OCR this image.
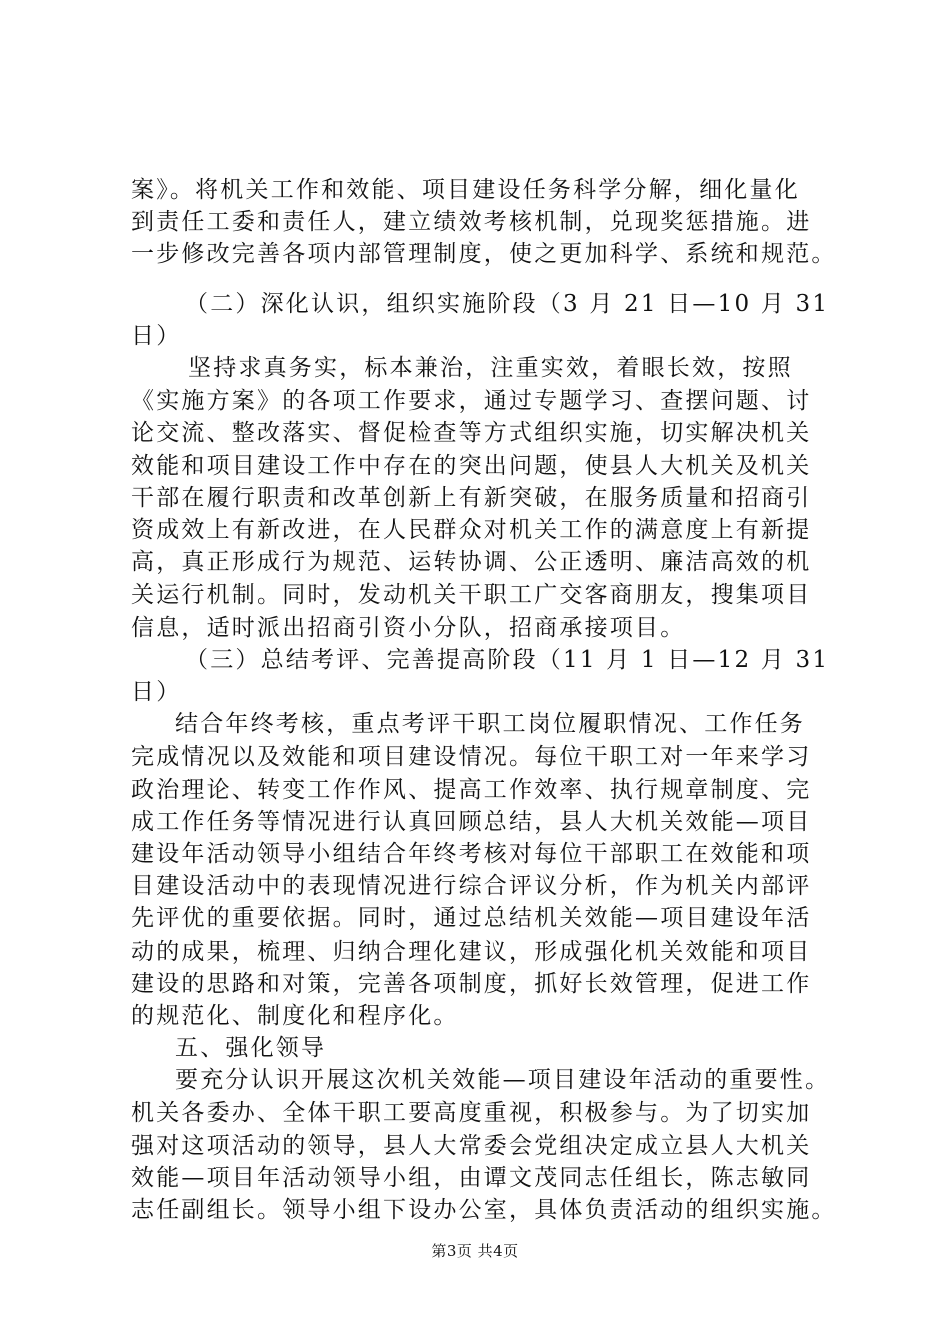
案》。将机关工作和效能、项目建设任务科学分解，细化量化
到责任工委和责任人，建立绩效考核机制，兑现奖惩措施。进
一步修改完善各项内部管理制度，使之更加科学、系统和规范。
（二）深化认识，组织实施阶段（3 月 21 日—10 月 31
日）
坚持求真务实，标本兼治，注重实效，着眼长效，按照
《实施方案》的各项工作要求，通过专题学习、查摆问题、讨
论交流、整改落实、督促检查等方式组织实施，切实解决机关
效能和项目建设工作中存在的突出问题，使县人大机关及机关
干部在履行职责和改革创新上有新突破，在服务质量和招商引
资成效上有新改进，在人民群众对机关工作的满意度上有新提
高，真正形成行为规范、运转协调、公正透明、廉洁高效的机
关运行机制。同时，发动机关干职工广交客商朋友，搜集项目
信息，适时派出招商引资小分队，招商承接项目。
（三）总结考评、完善提高阶段（11 月 1 日—12 月 31
日）
结合年终考核，重点考评干职工岗位履职情况、工作任务
完成情况以及效能和项目建设情况。每位干职工对一年来学习
政治理论、转变工作作风、提高工作效率、执行规章制度、完
成工作任务等情况进行认真回顾总结，县人大机关效能—项目
建设年活动领导小组结合年终考核对每位干部职工在效能和项
目建设活动中的表现情况进行综合评议分析，作为机关内部评
先评优的重要依据。同时，通过总结机关效能—项目建设年活
动的成果，梳理、归纳合理化建议，形成强化机关效能和项目
建设的思路和对策，完善各项制度，抓好长效管理，促进工作
的规范化、制度化和程序化。
五、强化领导
要充分认识开展这次机关效能—项目建设年活动的重要性。
机关各委办、全体干职工要高度重视，积极参与。为了切实加
强对这项活动的领导，县人大常委会党组决定成立县人大机关
效能—项目年活动领导小组，由谭文茂同志任组长，陈志敏同
志任副组长。领导小组下设办公室，具体负责活动的组织实施。
第3页 共4页
